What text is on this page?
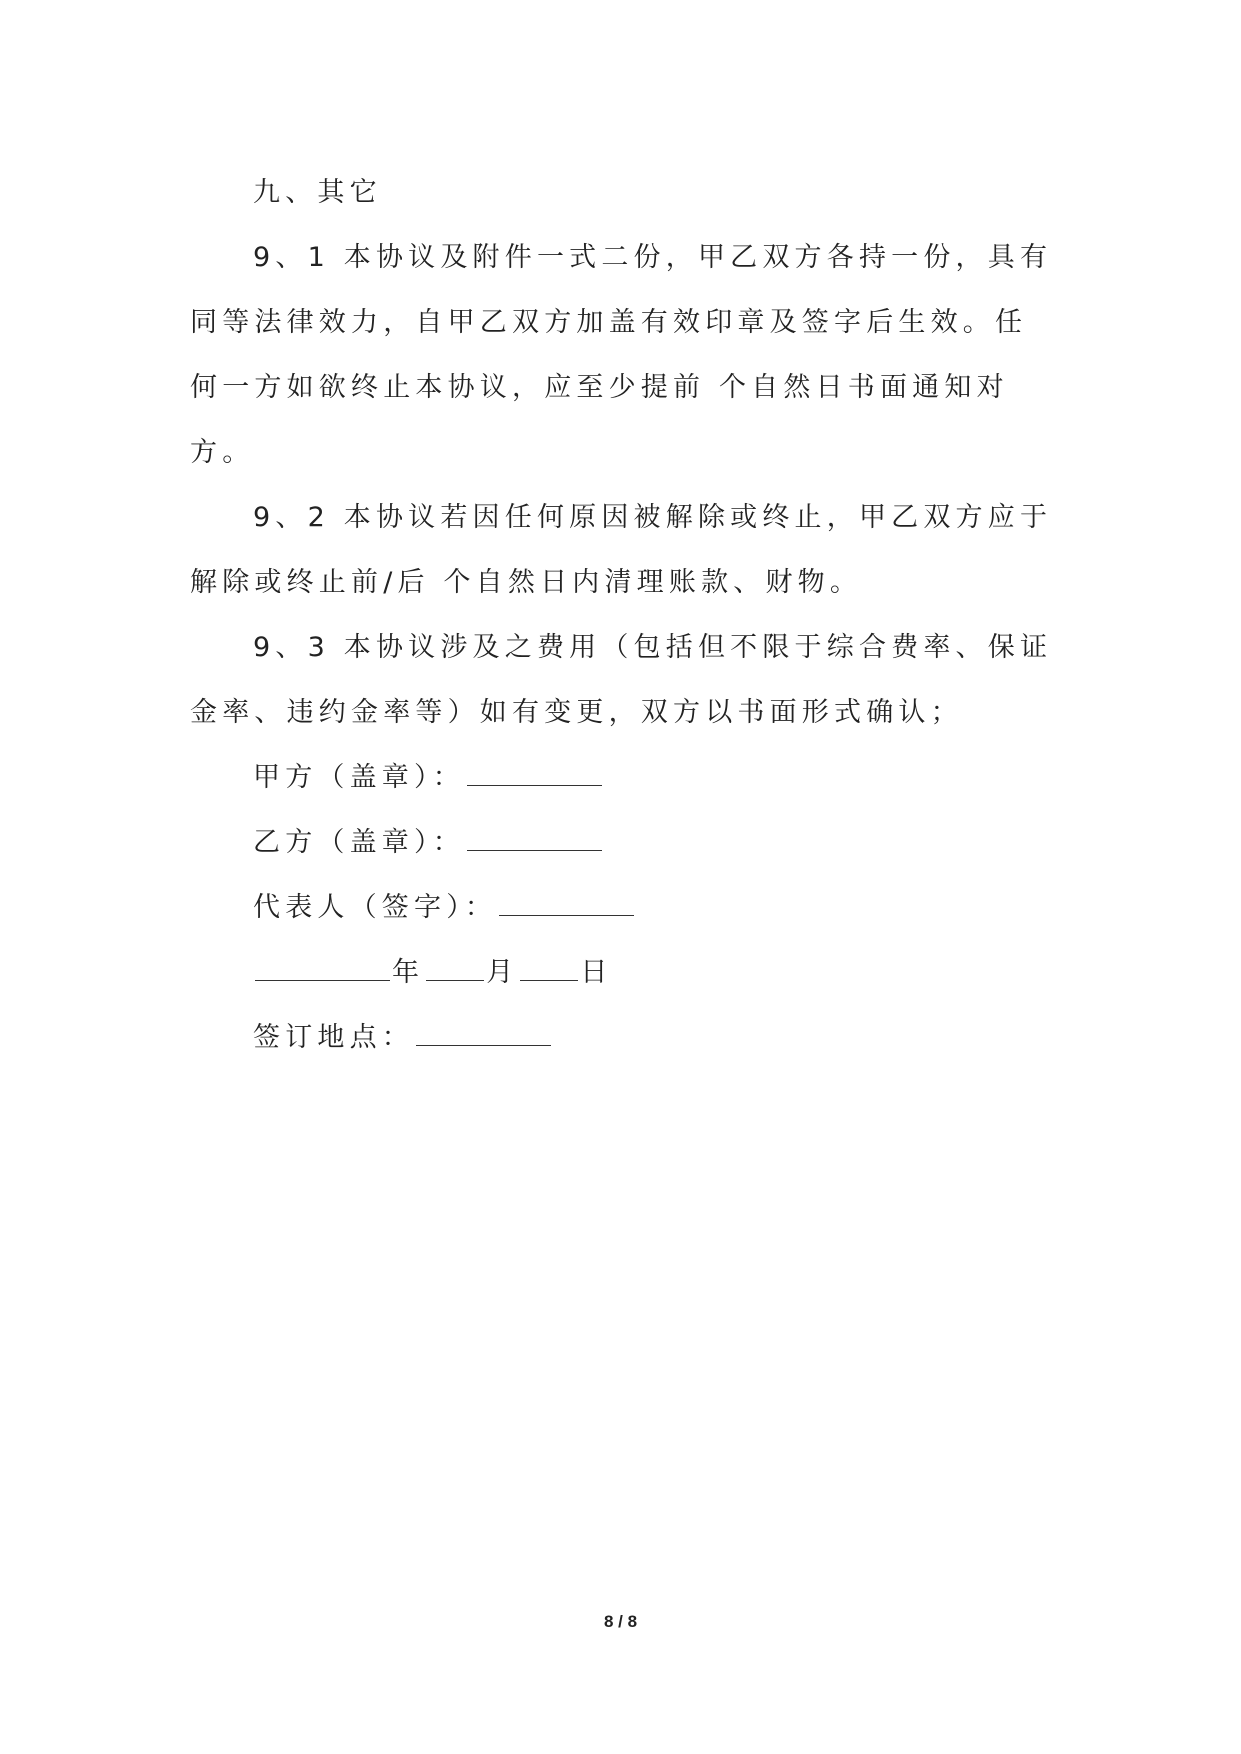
九、其它

9、1 本协议及附件一式二份，甲乙双方各持一份，具有同等法律效力，自甲乙双方加盖有效印章及签字后生效。任何一方如欲终止本协议，应至少提前 个自然日书面通知对方。

9、2 本协议若因任何原因被解除或终止，甲乙双方应于解除或终止前/后 个自然日内清理账款、财物。

9、3 本协议涉及之费用（包括但不限于综合费率、保证金率、违约金率等）如有变更，双方以书面形式确认；

甲方（盖章）：

乙方（盖章）：

代表人（签字）：

年 月 日

签订地点：

8 / 8
